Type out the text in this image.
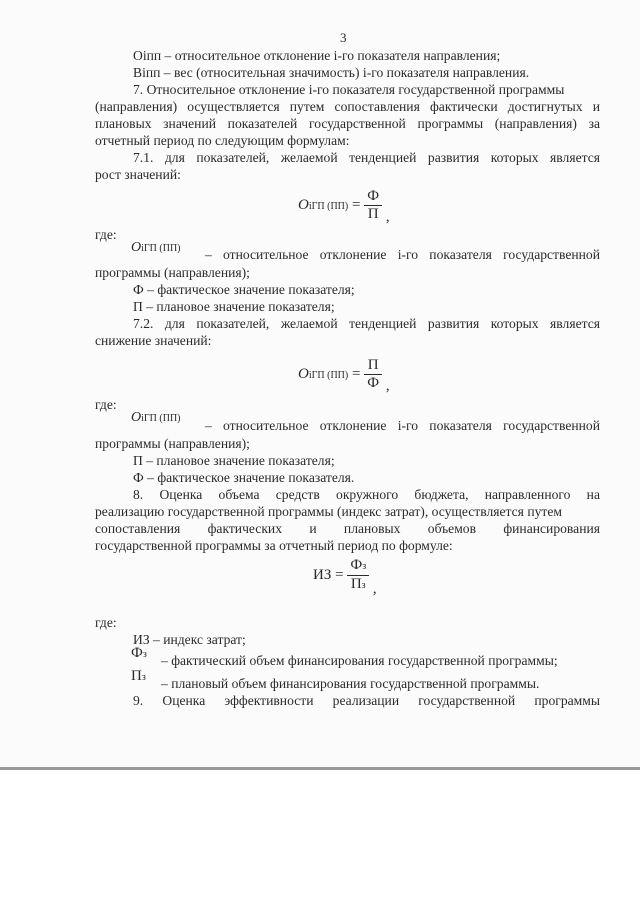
3
Oіпп – относительное отклонение i-го показателя направления;
Bіпп – вес (относительная значимость) i-го показателя направления.
7. Относительное отклонение i-го показателя государственной программы
(направления) осуществляется путем сопоставления фактически достигнутых и
плановых значений показателей государственной программы (направления) за
отчетный период по следующим формулам:
7.1. для показателей, желаемой тенденцией развития которых является
рост значений:
OіГП $(ПП) = \frac{Ф}{П}$ ,
где:
OіГП (ПП) – относительное отклонение i-го показателя государственной
программы (направления);
Ф – фактическое значение показателя;
П – плановое значение показателя;
7.2. для показателей, желаемой тенденцией развития которых является
снижение значений:
OіГП $(ПП) = \frac{П}{Ф}$ ,
где:
OіГП (ПП) – относительное отклонение i-го показателя государственной
программы (направления);
П – плановое значение показателя;
Ф – фактическое значение показателя.
8. Оценка объема средств окружного бюджета, направленного на
реализацию государственной программы (индекс затрат), осуществляется путем
сопоставления фактических и плановых объемов финансирования
государственной программы за отчетный период по формуле:
ИЗ = $\frac{Фз}{Пз}$ ,
где:
ИЗ – индекс затрат;
Фз – фактический объем финансирования государственной программы;
Пз – плановый объем финансирования государственной программы.
9. Оценка эффективности реализации государственной программы
